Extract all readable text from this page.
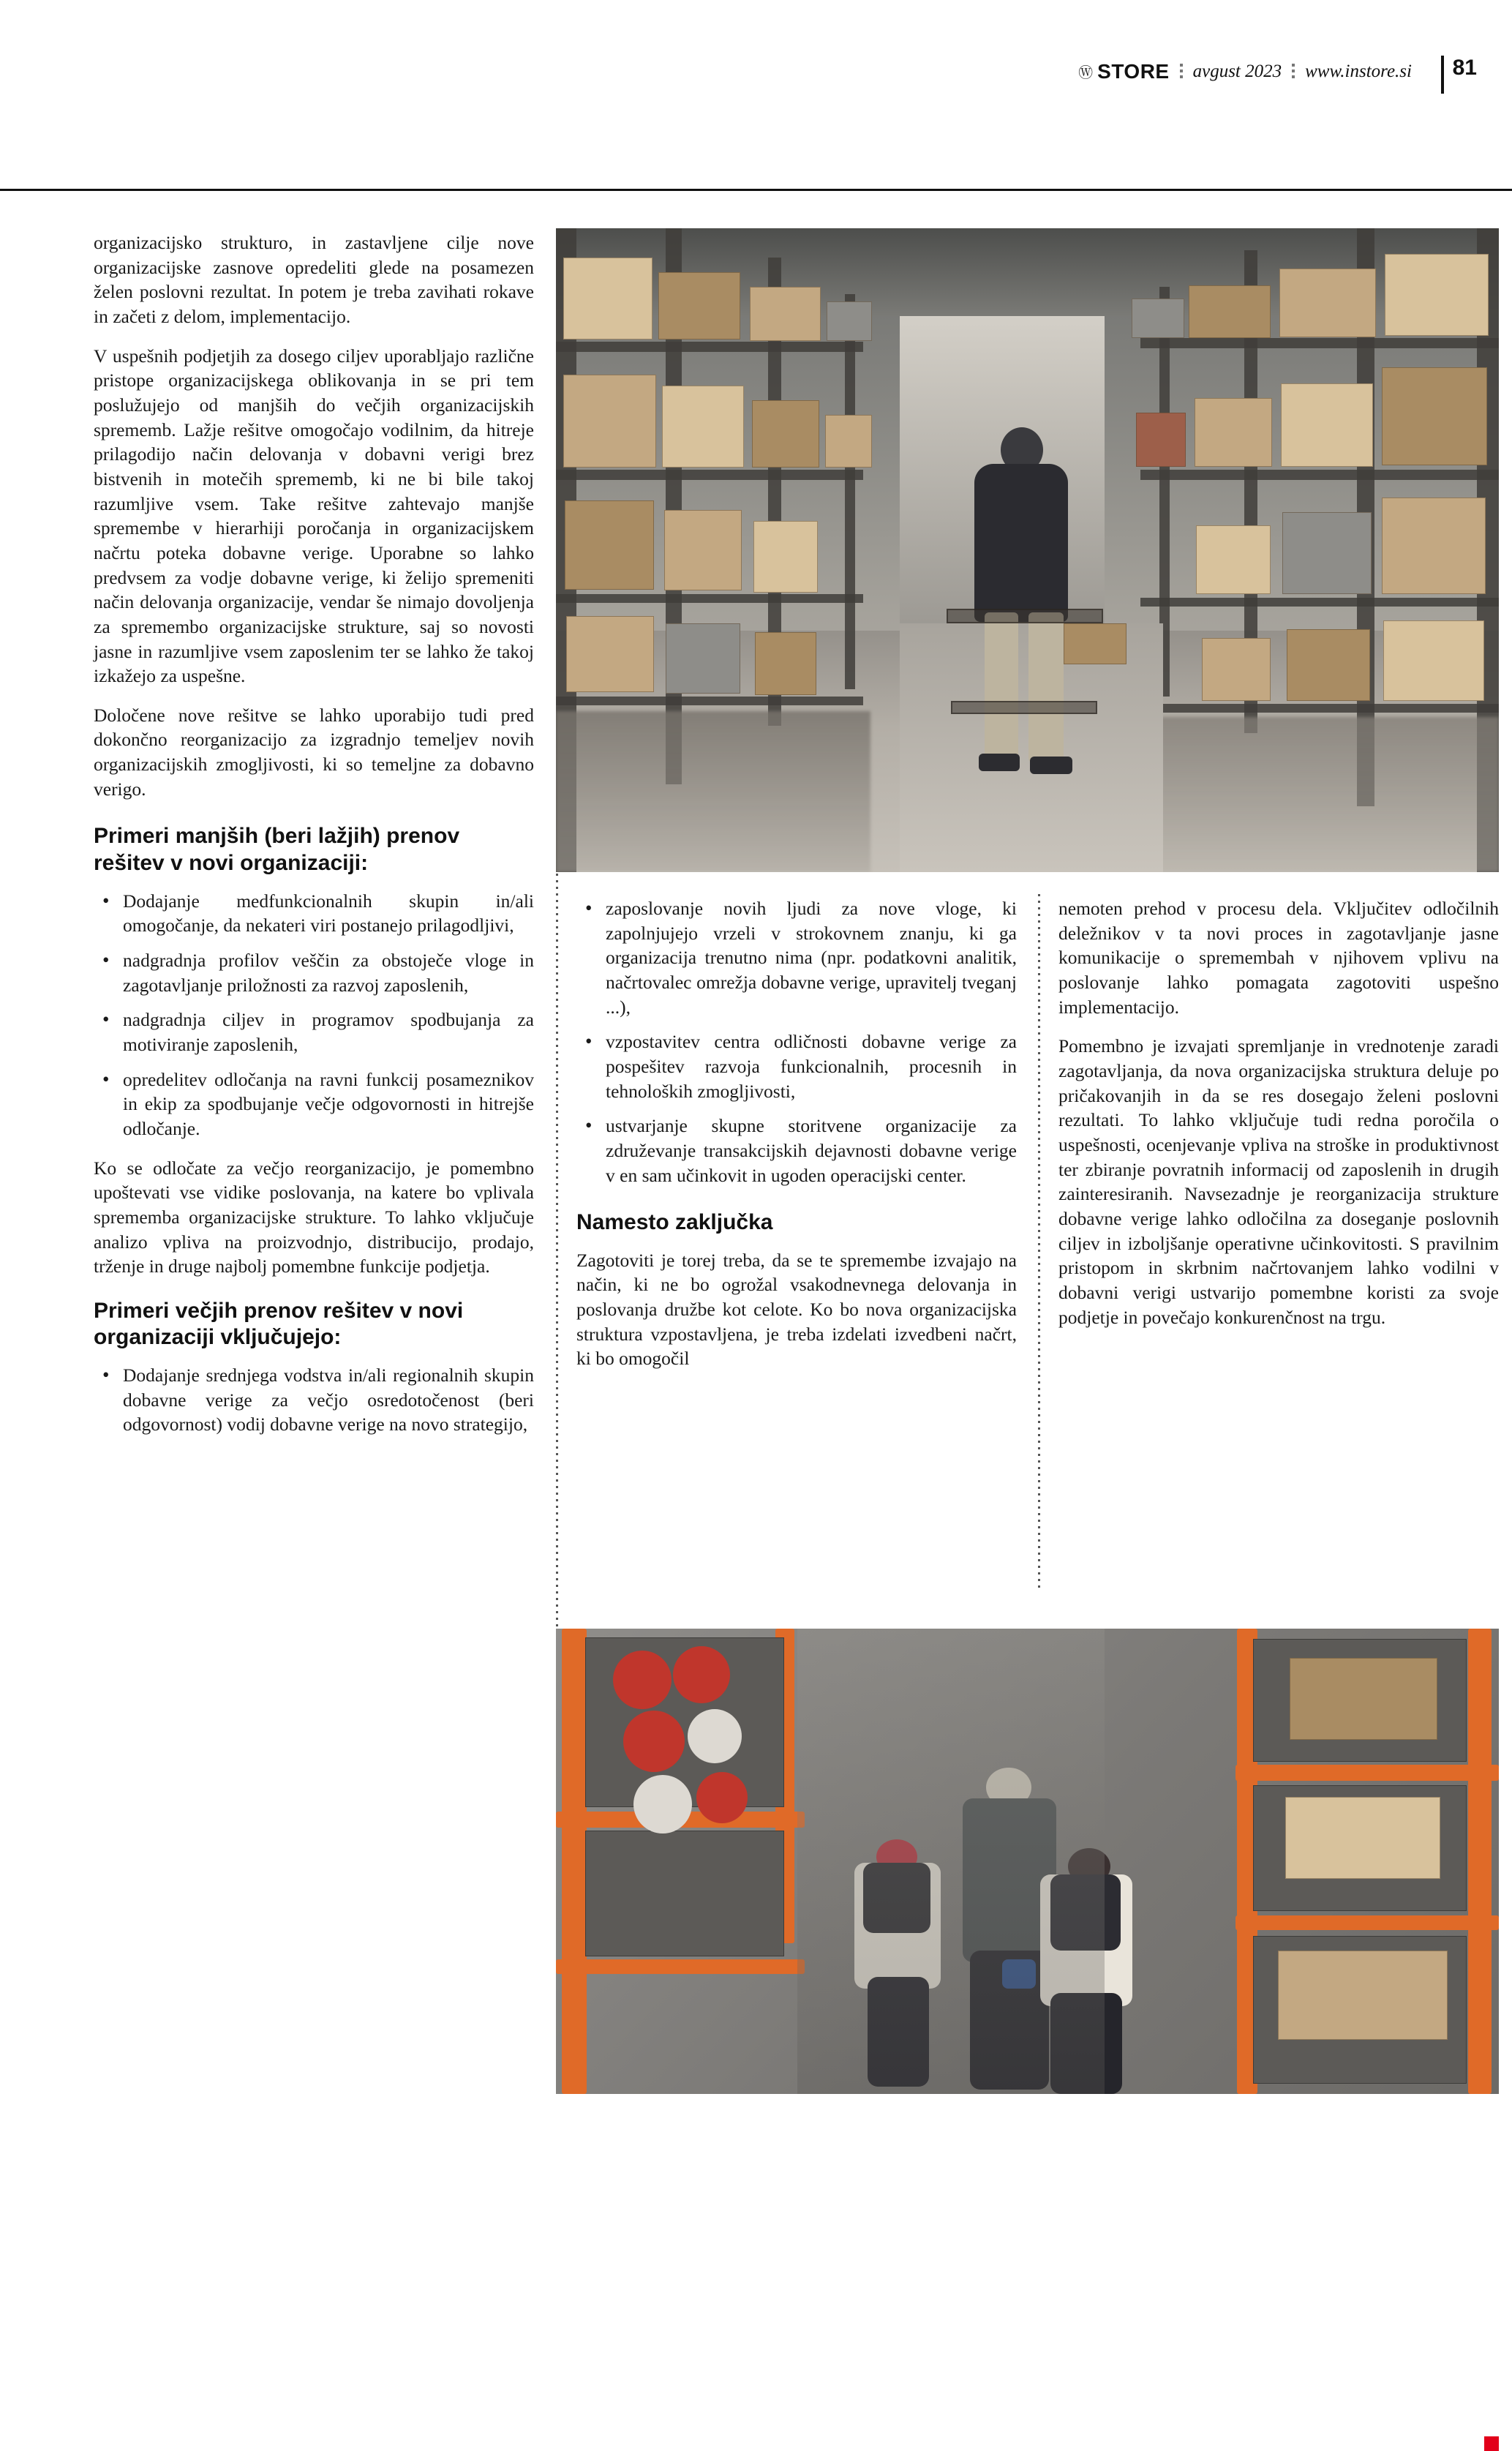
Ⓦ STORE avgust 2023 www.instore.si	81

organizacijsko strukturo, in zastavljene cilje nove organizacijske zasnove opredeliti glede na posamezen želen poslovni rezultat. In potem je treba zavihati rokave in začeti z delom, implementacijo.

V uspešnih podjetjih za dosego ciljev uporabljajo različne pristope organizacijskega oblikovanja in se pri tem poslužujejo od manjših do večjih organizacijskih sprememb. Lažje rešitve omogočajo vodilnim, da hitreje prilagodijo način delovanja v dobavni verigi brez bistvenih in motečih sprememb, ki ne bi bile takoj razumljive vsem. Take rešitve zahtevajo manjše spremembe v hierarhiji poročanja in organizacijskem načrtu poteka dobavne verige. Uporabne so lahko predvsem za vodje dobavne verige, ki želijo spremeniti način delovanja organizacije, vendar še nimajo dovoljenja za spremembo organizacijske strukture, saj so novosti jasne in razumljive vsem zaposlenim ter se lahko že takoj izkažejo za uspešne.

Določene nove rešitve se lahko uporabijo tudi pred dokončno reorganizacijo za izgradnjo temeljev novih organizacijskih zmogljivosti, ki so temeljne za dobavno verigo.

Primeri manjših (beri lažjih) prenov rešitev v novi organizaciji:
• Dodajanje medfunkcionalnih skupin in/ali omogočanje, da nekateri viri postanejo prilagodljivi,
• nadgradnja profilov veščin za obstoječe vloge in zagotavljanje priložnosti za razvoj zaposlenih,
• nadgradnja ciljev in programov spodbujanja za motiviranje zaposlenih,
• opredelitev odločanja na ravni funkcij posameznikov in ekip za spodbujanje večje odgovornosti in hitrejše odločanje.

Ko se odločate za večjo reorganizacijo, je pomembno upoštevati vse vidike poslovanja, na katere bo vplivala sprememba organizacijske strukture. To lahko vključuje analizo vpliva na proizvodnjo, distribucijo, prodajo, trženje in druge najbolj pomembne funkcije podjetja.

Primeri večjih prenov rešitev v novi organizaciji vključujejo:
• Dodajanje srednjega vodstva in/ali regionalnih skupin dobavne verige za večjo osredotočenost (beri odgovornost) vodij dobavne verige na novo strategijo,
• zaposlovanje novih ljudi za nove vloge, ki zapolnjujejo vrzeli v strokovnem znanju, ki ga organizacija trenutno nima (npr. podatkovni analitik, načrtovalec omrežja dobavne verige, upravitelj tveganj ...),
• vzpostavitev centra odličnosti dobavne verige za pospešitev razvoja funkcionalnih, procesnih in tehnoloških zmogljivosti,
• ustvarjanje skupne storitvene organizacije za združevanje transakcijskih dejavnosti dobavne verige v en sam učinkovit in ugoden operacijski center.
Namesto zaključka

Zagotoviti je torej treba, da se te spremembe izvajajo na način, ki ne bo ogrožal vsakodnevnega delovanja in poslovanja družbe kot celote. Ko bo nova organizacijska struktura vzpostavljena, je treba izdelati izvedbeni načrt, ki bo omogočil

nemoten prehod v procesu dela. Vključitev odločilnih deležnikov v ta novi proces in zagotavljanje jasne komunikacije o spremembah v njihovem vplivu na poslovanje lahko pomagata zagotoviti uspešno implementacijo.

Pomembno je izvajati spremljanje in vrednotenje zaradi zagotavljanja, da nova organizacijska struktura deluje po pričakovanjih in da se res dosegajo želeni poslovni rezultati. To lahko vključuje tudi redna poročila o uspešnosti, ocenjevanje vpliva na stroške in produktivnost ter zbiranje povratnih informacij od zaposlenih in drugih zainteresiranih. Navsezadnje je reorganizacija strukture dobavne verige lahko odločilna za doseganje poslovnih ciljev in izboljšanje operativne učinkovitosti. S pravilnim pristopom in skrbnim načrtovanjem lahko vodilni v dobavni verigi ustvarijo pomembne koristi za svoje podjetje in povečajo konkurenčnost na trgu.
